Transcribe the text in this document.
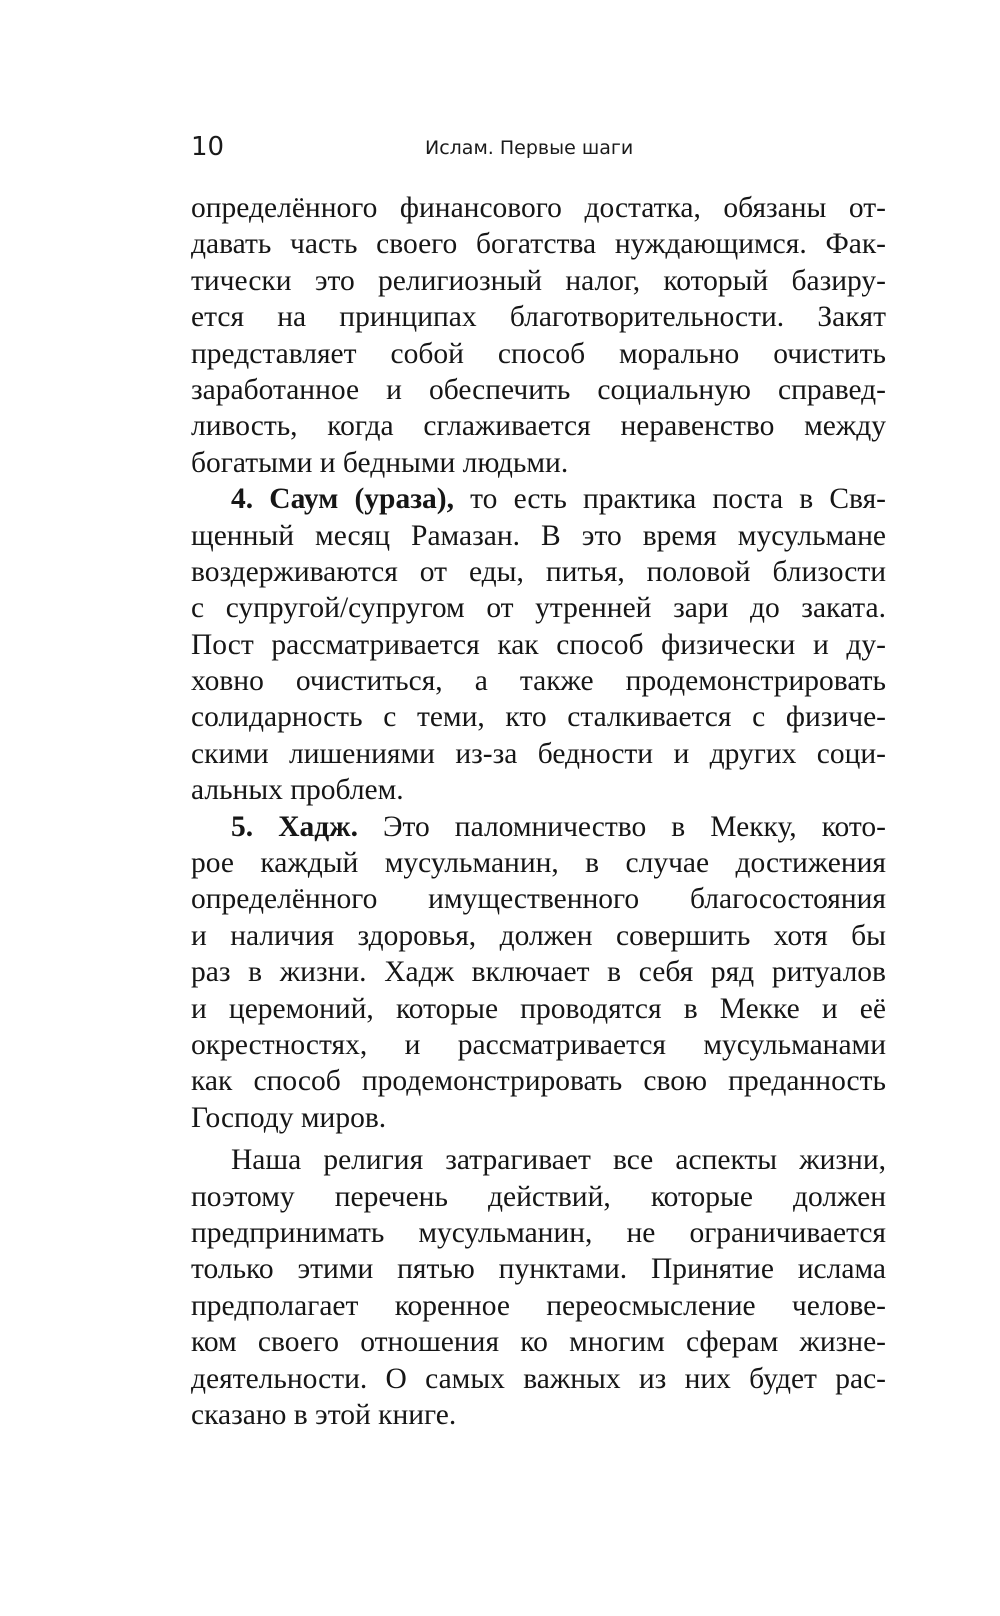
10	Ислам. Первые шаги
определённого финансового достатка, обязаны от-
давать часть своего богатства нуждающимся. Фак-
тически это религиозный налог, который базиру-
ется на принципах благотворительности. Закят
представляет собой способ морально очистить
заработанное и обеспечить социальную справед-
ливость, когда сглаживается неравенство между
богатыми и бедными людьми.
4. Саум (ураза), то есть практика поста в Свя-
щенный месяц Рамазан. В это время мусульмане
воздерживаются от еды, питья, половой близости
с супругой/супругом от утренней зари до заката.
Пост рассматривается как способ физически и ду-
ховно очиститься, а также продемонстрировать
солидарность с теми, кто сталкивается с физиче-
скими лишениями из-за бедности и других соци-
альных проблем.
5. Хадж. Это паломничество в Мекку, кото-
рое каждый мусульманин, в случае достижения
определённого имущественного благосостояния
и наличия здоровья, должен совершить хотя бы
раз в жизни. Хадж включает в себя ряд ритуалов
и церемоний, которые проводятся в Мекке и её
окрестностях, и рассматривается мусульманами
как способ продемонстрировать свою преданность
Господу миров.
Наша религия затрагивает все аспекты жизни,
поэтому перечень действий, которые должен
предпринимать мусульманин, не ограничивается
только этими пятью пунктами. Принятие ислама
предполагает коренное переосмысление челове-
ком своего отношения ко многим сферам жизне-
деятельности. О самых важных из них будет рас-
сказано в этой книге.
